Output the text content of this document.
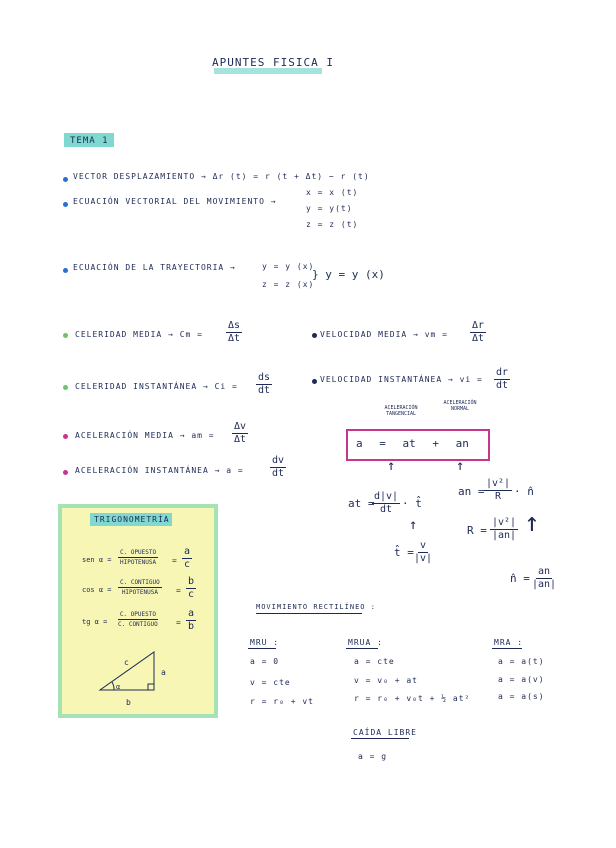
APUNTES FISICA I
TEMA 1
VECTOR DESPLAZAMIENTO → Δr (t) = r (t + Δt) − r (t)
ECUACIÓN VECTORIAL DEL MOVIMIENTO →
x = x (t)
y = y(t)
z = z (t)
ECUACIÓN DE LA TRAYECTORIA →	y = y (x)
z = z (x)
} y = y (x)
CELERIDAD MEDIA → $Cm = \frac{\Delta s}{\Delta t}$	VELOCIDAD MEDIA → vm = $\frac{\Delta r}{\Delta t}$
CELERIDAD INSTANTÁNEA → $Ci = \frac{ds}{dt}$	VELOCIDAD INSTANTÁNEA → vi = $\frac{dr}{dt}$
ACELERACIÓN MEDIA → am = $\frac{\Delta v}{\Delta t}$
ACELERACIÓN INSTANTÁNEA → a =	$\frac{dv}{dt}$
ACELERACIÓN TANGENCIAL
ACELERACIÓN NORMAL
a = at + an
↑	↑
at =
$\frac{d|v|}{dt}$ · t̂
↑
t̂ =
$\frac{v}{|v|}$
an = $\frac{\text{|v²|}}{R}$ · n̂
$R = \frac{\text{|v²|}}{|an|}$ ↑
n̂ = $\frac{an}{|an|}$
TRIGONOMETRÍA
sen α =
C. OPUESTO
HIPOTENUSA = $\frac{a}{c}$
cos α =
C. CONTIGUO
HIPOTENUSA = $\frac{b}{c}$
tg α =
C. OPUESTO
C. CONTIGUO = $\frac{a}{b}$
a
b
c
α
MOVIMIENTO RECTILÍNEO :
MRU :
a = 0
v = cte
r = r₀ + vt
MRUA :
a = cte
v = v₀ + at
r = r₀ + v₀t + ½ at²
MRA :
a = a(t)
a = a(v)
a = a(s)
CAÍDA LIBRE
a = g
